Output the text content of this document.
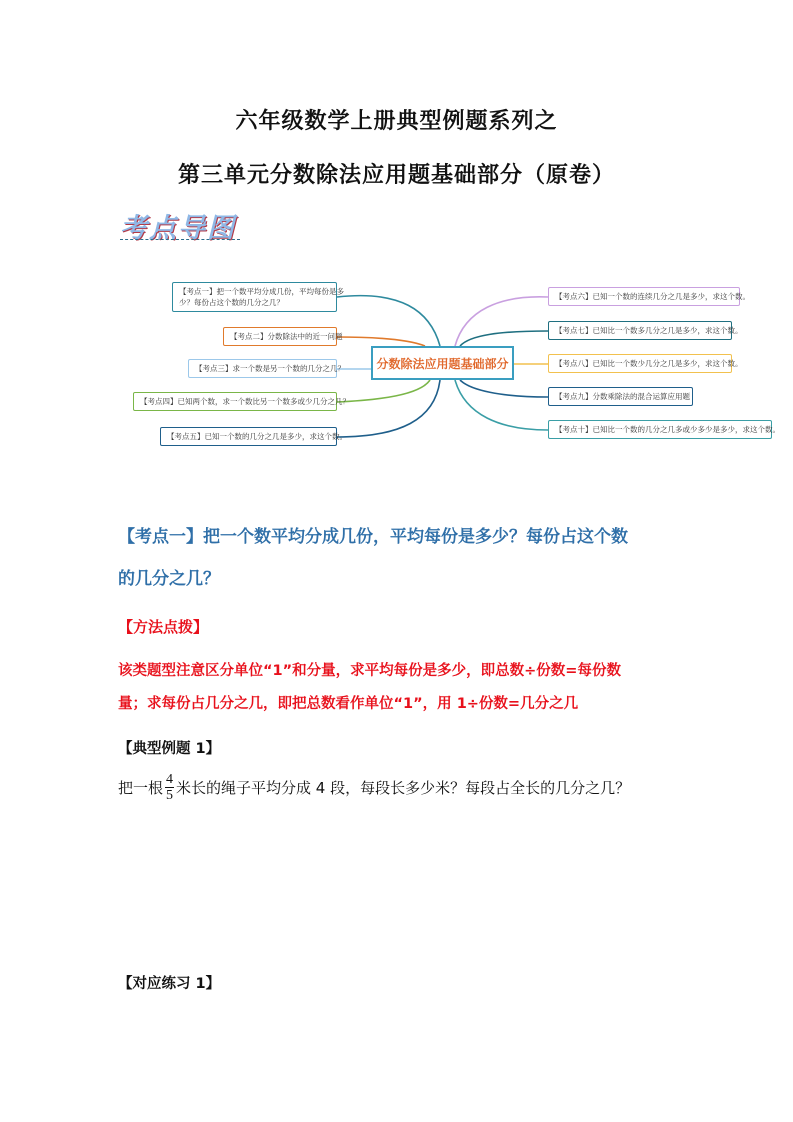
六年级数学上册典型例题系列之
第三单元分数除法应用题基础部分（原卷）
考点导图
【考点一】把一个数平均分成几份，平均每份是多
少？每份占这个数的几分之几？
【考点二】分数除法中的近一问题
【考点三】求一个数是另一个数的几分之几？
【考点四】已知两个数，求一个数比另一个数多或少几分之几？
【考点五】已知一个数的几分之几是多少，求这个数。
分数除法应用题基础部分
【考点六】已知一个数的连续几分之几是多少，求这个数。
【考点七】已知比一个数多几分之几是多少，求这个数。
【考点八】已知比一个数少几分之几是多少，求这个数。
【考点九】分数乘除法的混合运算应用题
【考点十】已知比一个数的几分之几多或少多少是多少，求这个数。
【考点一】把一个数平均分成几份，平均每份是多少？每份占这个数
的几分之几？
【方法点拨】
该类题型注意区分单位“1”和分量，求平均每份是多少，即总数÷份数=每份数
量；求每份占几分之几，即把总数看作单位“1”，用 1÷份数=几分之几
【典型例题 1】
把一根 $\frac{4}{5}$ 米长的绳子平均分成 4 段，每段长多少米？每段占全长的几分之几？
【对应练习 1】
